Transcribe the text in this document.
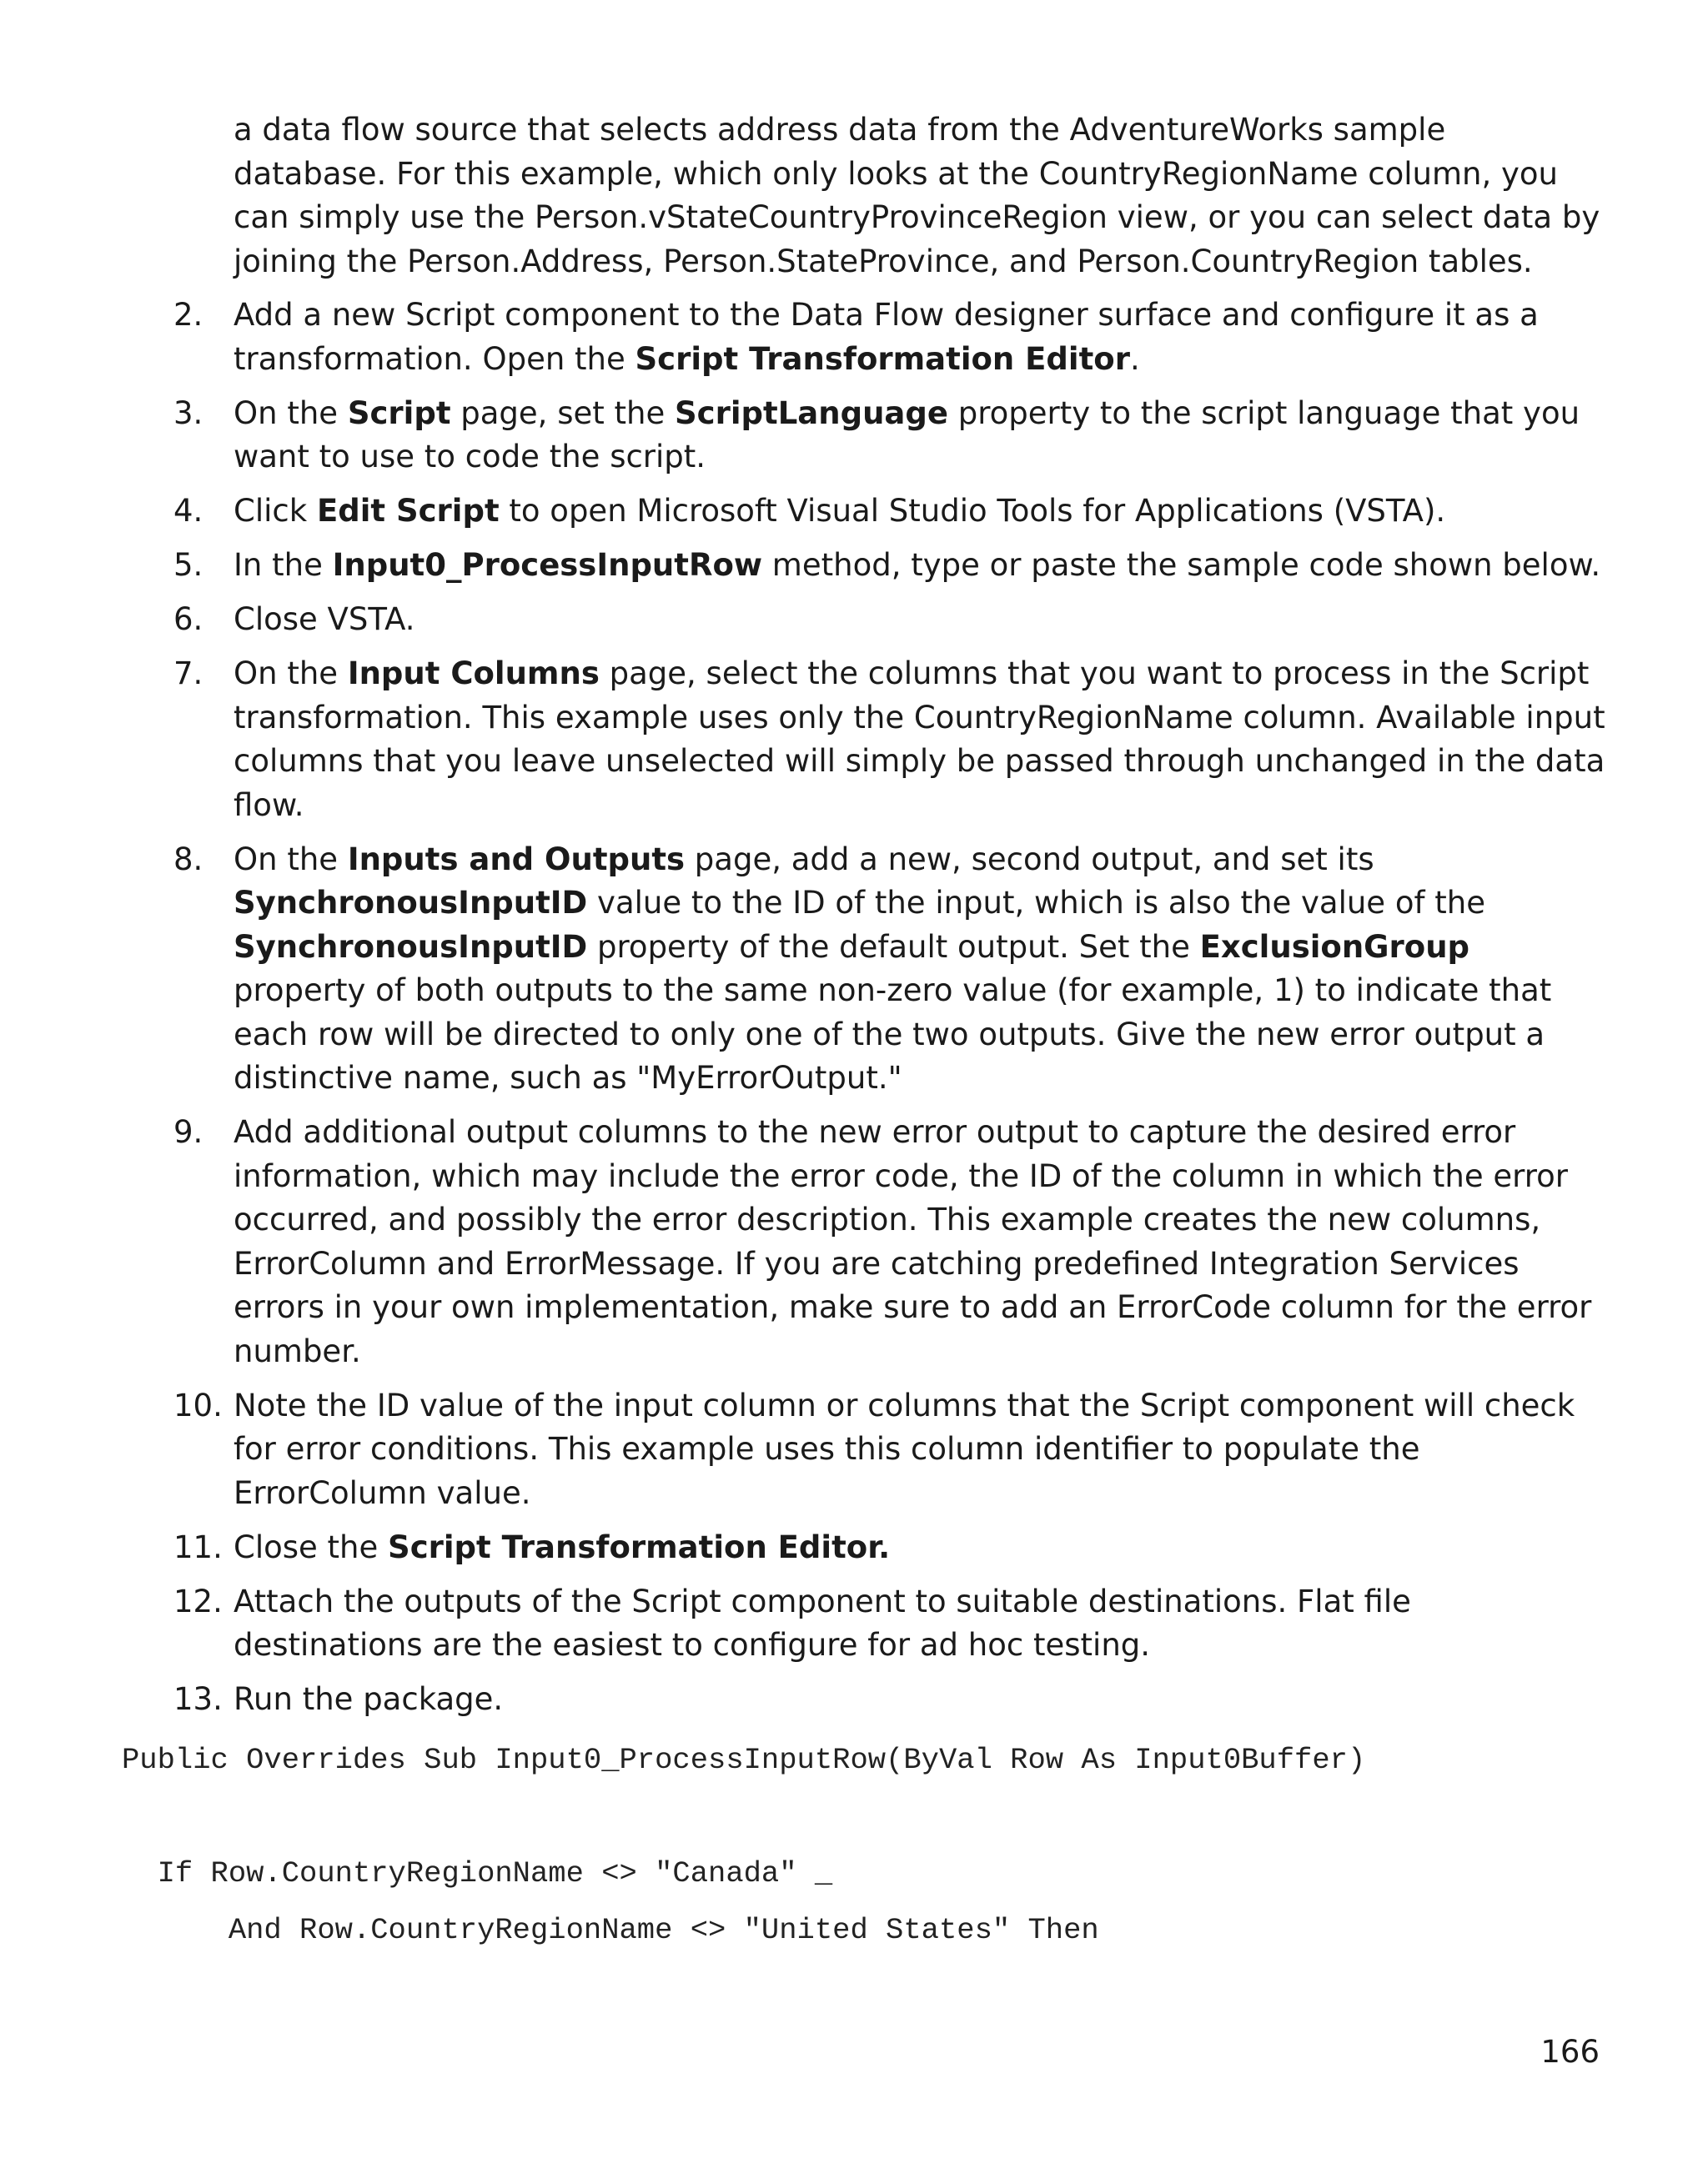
a data flow source that selects address data from the AdventureWorks sample database. For this example, which only looks at the CountryRegionName column, you can simply use the Person.vStateCountryProvinceRegion view, or you can select data by joining the Person.Address, Person.StateProvince, and Person.CountryRegion tables.

2. Add a new Script component to the Data Flow designer surface and configure it as a transformation. Open the Script Transformation Editor.
3. On the Script page, set the ScriptLanguage property to the script language that you want to use to code the script.
4. Click Edit Script to open Microsoft Visual Studio Tools for Applications (VSTA).
5. In the Input0_ProcessInputRow method, type or paste the sample code shown below.
6. Close VSTA.
7. On the Input Columns page, select the columns that you want to process in the Script transformation. This example uses only the CountryRegionName column. Available input columns that you leave unselected will simply be passed through unchanged in the data flow.
8. On the Inputs and Outputs page, add a new, second output, and set its SynchronousInputID value to the ID of the input, which is also the value of the SynchronousInputID property of the default output. Set the ExclusionGroup property of both outputs to the same non-zero value (for example, 1) to indicate that each row will be directed to only one of the two outputs. Give the new error output a distinctive name, such as "MyErrorOutput."
9. Add additional output columns to the new error output to capture the desired error information, which may include the error code, the ID of the column in which the error occurred, and possibly the error description. This example creates the new columns, ErrorColumn and ErrorMessage. If you are catching predefined Integration Services errors in your own implementation, make sure to add an ErrorCode column for the error number.
10. Note the ID value of the input column or columns that the Script component will check for error conditions. This example uses this column identifier to populate the ErrorColumn value.
11. Close the Script Transformation Editor.
12. Attach the outputs of the Script component to suitable destinations. Flat file destinations are the easiest to configure for ad hoc testing.
13. Run the package.
Public Overrides Sub Input0_ProcessInputRow(ByVal Row As Input0Buffer)
If Row.CountryRegionName <> "Canada" _
And Row.CountryRegionName <> "United States" Then
166
